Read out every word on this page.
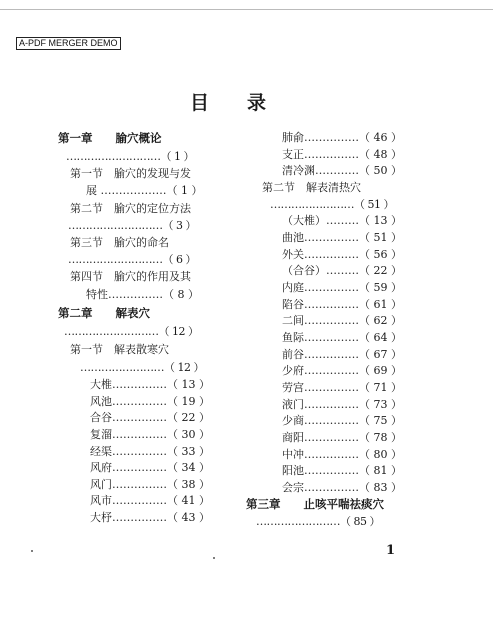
A-PDF MERGER DEMO
目 录
第一章　　腧穴概论
………………………（ 1 ）
第一节　腧穴的发现与发
展 ………………（ 1 ）
第二节　腧穴的定位方法
………………………（ 3 ）
第三节　腧穴的命名
………………………（ 6 ）
第四节　腧穴的作用及其
特性……………（ 8 ）
第二章　　解表穴
………………………（ 12 ）
第一节　解表散寒穴
……………………（ 12 ）
大椎……………（ 13 ）
风池……………（ 19 ）
合谷……………（ 22 ）
复溜……………（ 30 ）
经渠……………（ 33 ）
风府……………（ 34 ）
风门……………（ 38 ）
风市……………（ 41 ）
大杼……………（ 43 ）
肺俞……………（ 46 ）
支正……………（ 48 ）
清冷渊…………（ 50 ）
第二节　解表清热穴
……………………（ 51 ）
（大椎）………（ 13 ）
曲池……………（ 51 ）
外关……………（ 56 ）
（合谷）………（ 22 ）
内庭……………（ 59 ）
陷谷……………（ 61 ）
二间……………（ 62 ）
鱼际……………（ 64 ）
前谷……………（ 67 ）
少府……………（ 69 ）
劳宫……………（ 71 ）
液门……………（ 73 ）
少商……………（ 75 ）
商阳……………（ 78 ）
中冲……………（ 80 ）
阳池……………（ 81 ）
会宗……………（ 83 ）
第三章　　止咳平喘祛痰穴
……………………（ 85 ）
1
